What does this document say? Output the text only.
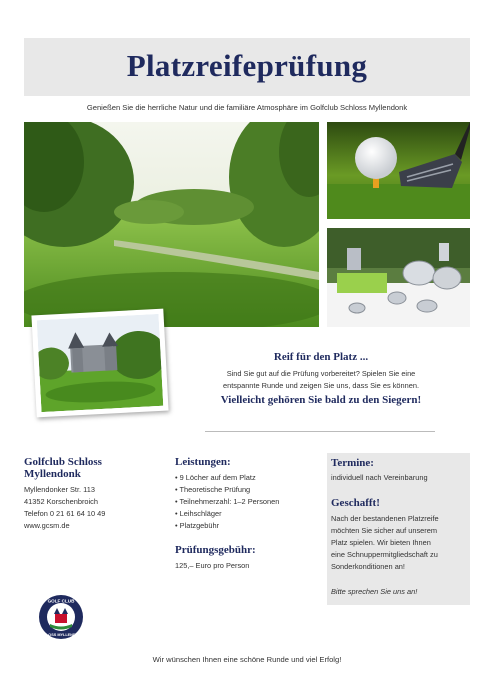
Platzreifeprüfung
Genießen Sie die herrliche Natur und die familiäre Atmosphäre im Golfclub Schloss Myllendonk
Reif für den Platz ...
Sind Sie gut auf die Prüfung vorbereitet? Spielen Sie eine
entspannte Runde und zeigen Sie uns, dass Sie es können.
Vielleicht gehören Sie bald zu den Siegern!
Golfclub Schloss
Myllendonk
Myllendonker Str. 113
41352 Korschenbroich
Telefon 0 21 61 64 10 49
www.gcsm.de
GOLF CLUB
SCHLOSS MYLLENDONK
Leistungen:
• 9 Löcher auf dem Platz
• Theoretische Prüfung
• Teilnehmerzahl: 1–2 Personen
• Leihschläger
• Platzgebühr
Prüfungsgebühr:
125,– Euro pro Person
Termine:
individuell nach Vereinbarung
Geschafft!
Nach der bestandenen Platzreife
möchten Sie sicher auf unserem
Platz spielen. Wir bieten Ihnen
eine Schnuppermitgliedschaft zu
Sonderkonditionen an!
Bitte sprechen Sie uns an!
Wir wünschen Ihnen eine schöne Runde und viel Erfolg!
